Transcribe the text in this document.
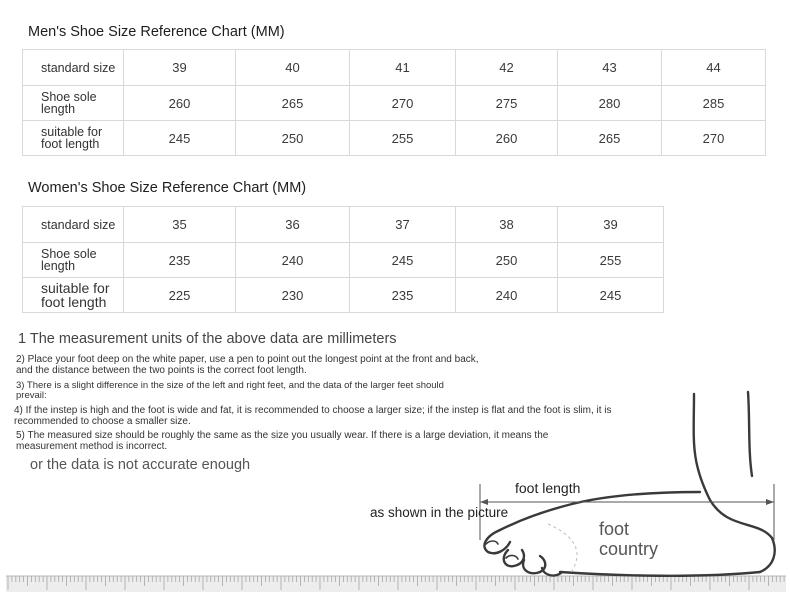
Men's Shoe Size Reference Chart (MM)
standard size	39	40	41	42	43	44
Shoe sole length	260	265	270	275	280	285
suitable for foot length	245	250	255	260	265	270
Women's Shoe Size Reference Chart (MM)
standard size	35	36	37	38	39
Shoe sole length	235	240	245	250	255
suitable for foot length	225	230	235	240	245
1 The measurement units of the above data are millimeters
2) Place your foot deep on the white paper, use a pen to point out the longest point at the front and back,
and the distance between the two points is the correct foot length.
3) There is a slight difference in the size of the left and right feet, and the data of the larger feet should
prevail:
4) If the instep is high and the foot is wide and fat, it is recommended to choose a larger size; if the instep is flat and the foot is slim, it is
recommended to choose a smaller size.
5) The measured size should be roughly the same as the size you usually wear. If there is a large deviation, it means the
measurement method is incorrect.
or the data is not accurate enough
foot length
as shown in the picture
foot
country
